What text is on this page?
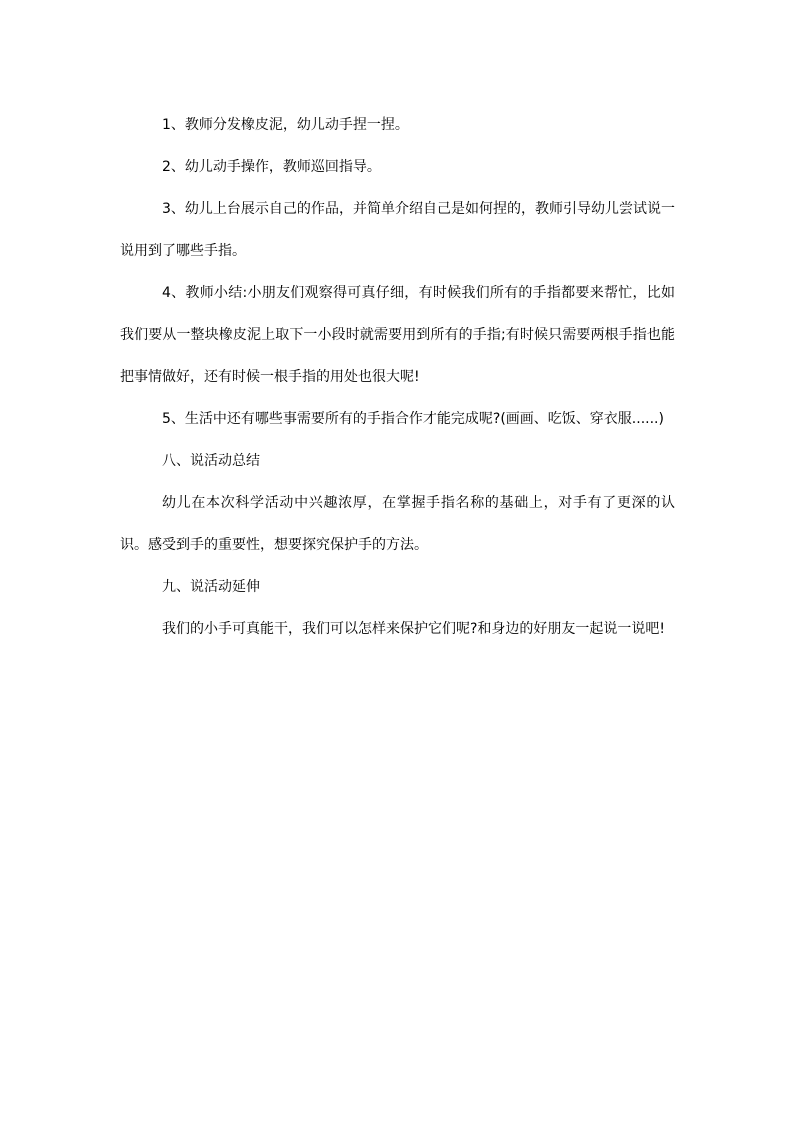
1、教师分发橡皮泥，幼儿动手捏一捏。

2、幼儿动手操作，教师巡回指导。

3、幼儿上台展示自己的作品，并简单介绍自己是如何捏的，教师引导幼儿尝试说一说用到了哪些手指。

4、教师小结:小朋友们观察得可真仔细，有时候我们所有的手指都要来帮忙，比如我们要从一整块橡皮泥上取下一小段时就需要用到所有的手指;有时候只需要两根手指也能把事情做好，还有时候一根手指的用处也很大呢!

5、生活中还有哪些事需要所有的手指合作才能完成呢?(画画、吃饭、穿衣服......)

八、说活动总结

幼儿在本次科学活动中兴趣浓厚，在掌握手指名称的基础上，对手有了更深的认识。感受到手的重要性，想要探究保护手的方法。

九、说活动延伸

我们的小手可真能干，我们可以怎样来保护它们呢?和身边的好朋友一起说一说吧!
